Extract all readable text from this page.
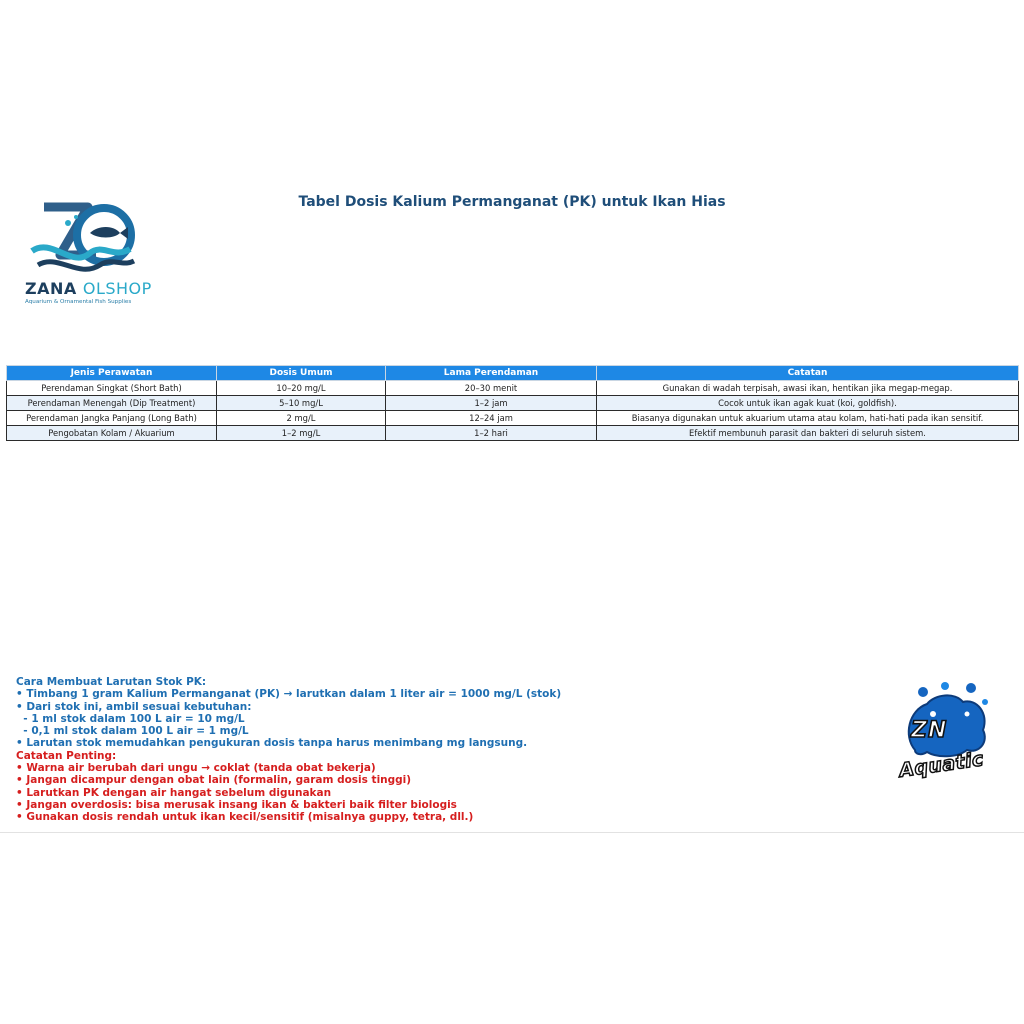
ZANA OLSHOP
Aquarium & Ornamental Fish Supplies
Tabel Dosis Kalium Permanganat (PK) untuk Ikan Hias
Jenis Perawatan	Dosis Umum	Lama Perendaman	Catatan
Perendaman Singkat (Short Bath)	10–20 mg/L	20–30 menit	Gunakan di wadah terpisah, awasi ikan, hentikan jika megap-megap.
Perendaman Menengah (Dip Treatment)	5–10 mg/L	1–2 jam	Cocok untuk ikan agak kuat (koi, goldfish).
Perendaman Jangka Panjang (Long Bath)	2 mg/L	12–24 jam	Biasanya digunakan untuk akuarium utama atau kolam, hati-hati pada ikan sensitif.
Pengobatan Kolam / Akuarium	1–2 mg/L	1–2 hari	Efektif membunuh parasit dan bakteri di seluruh sistem.
Cara Membuat Larutan Stok PK:
• Timbang 1 gram Kalium Permanganat (PK) → larutkan dalam 1 liter air = 1000 mg/L (stok)
• Dari stok ini, ambil sesuai kebutuhan:
- 1 ml stok dalam 100 L air = 10 mg/L
- 0,1 ml stok dalam 100 L air = 1 mg/L
• Larutan stok memudahkan pengukuran dosis tanpa harus menimbang mg langsung.
Catatan Penting:
• Warna air berubah dari ungu → coklat (tanda obat bekerja)
• Jangan dicampur dengan obat lain (formalin, garam dosis tinggi)
• Larutkan PK dengan air hangat sebelum digunakan
• Jangan overdosis: bisa merusak insang ikan & bakteri baik filter biologis
• Gunakan dosis rendah untuk ikan kecil/sensitif (misalnya guppy, tetra, dll.)
ZN
Aquatic
